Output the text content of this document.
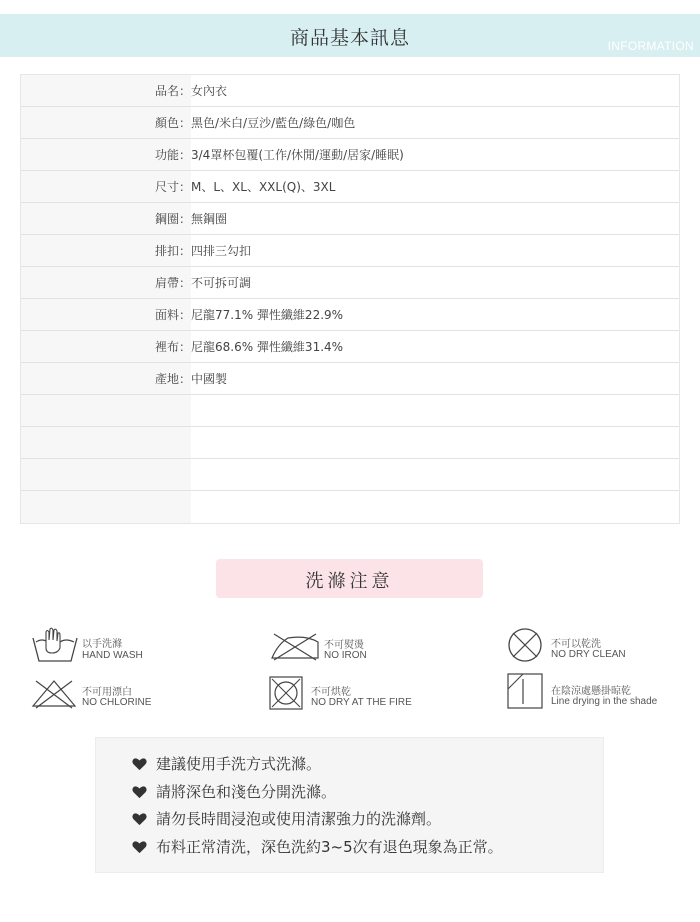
商品基本訊息	INFORMATION
品名：女內衣
顏色：黑色/米白/豆沙/藍色/綠色/咖色
功能：3/4罩杯包覆(工作/休閒/運動/居家/睡眠)
尺寸：M、L、XL、XXL(Q)、3XL
鋼圈：無鋼圈
排扣：四排三勾扣
肩帶：不可拆可調
面料：尼龍77.1% 彈性纖維22.9%
裡布：尼龍68.6% 彈性纖維31.4%
產地：中國製
洗滌注意
以手洗滌
HAND WASH
不可熨燙
NO IRON
不可以乾洗
NO DRY CLEAN
不可用漂白
NO CHLORINE
不可烘乾
NO DRY AT THE FIRE
在陰涼處懸掛晾乾
Line drying in the shade
建議使用手洗方式洗滌。
請將深色和淺色分開洗滌。
請勿長時間浸泡或使用清潔強力的洗滌劑。
布料正常清洗，深色洗約3~5次有退色現象為正常。
